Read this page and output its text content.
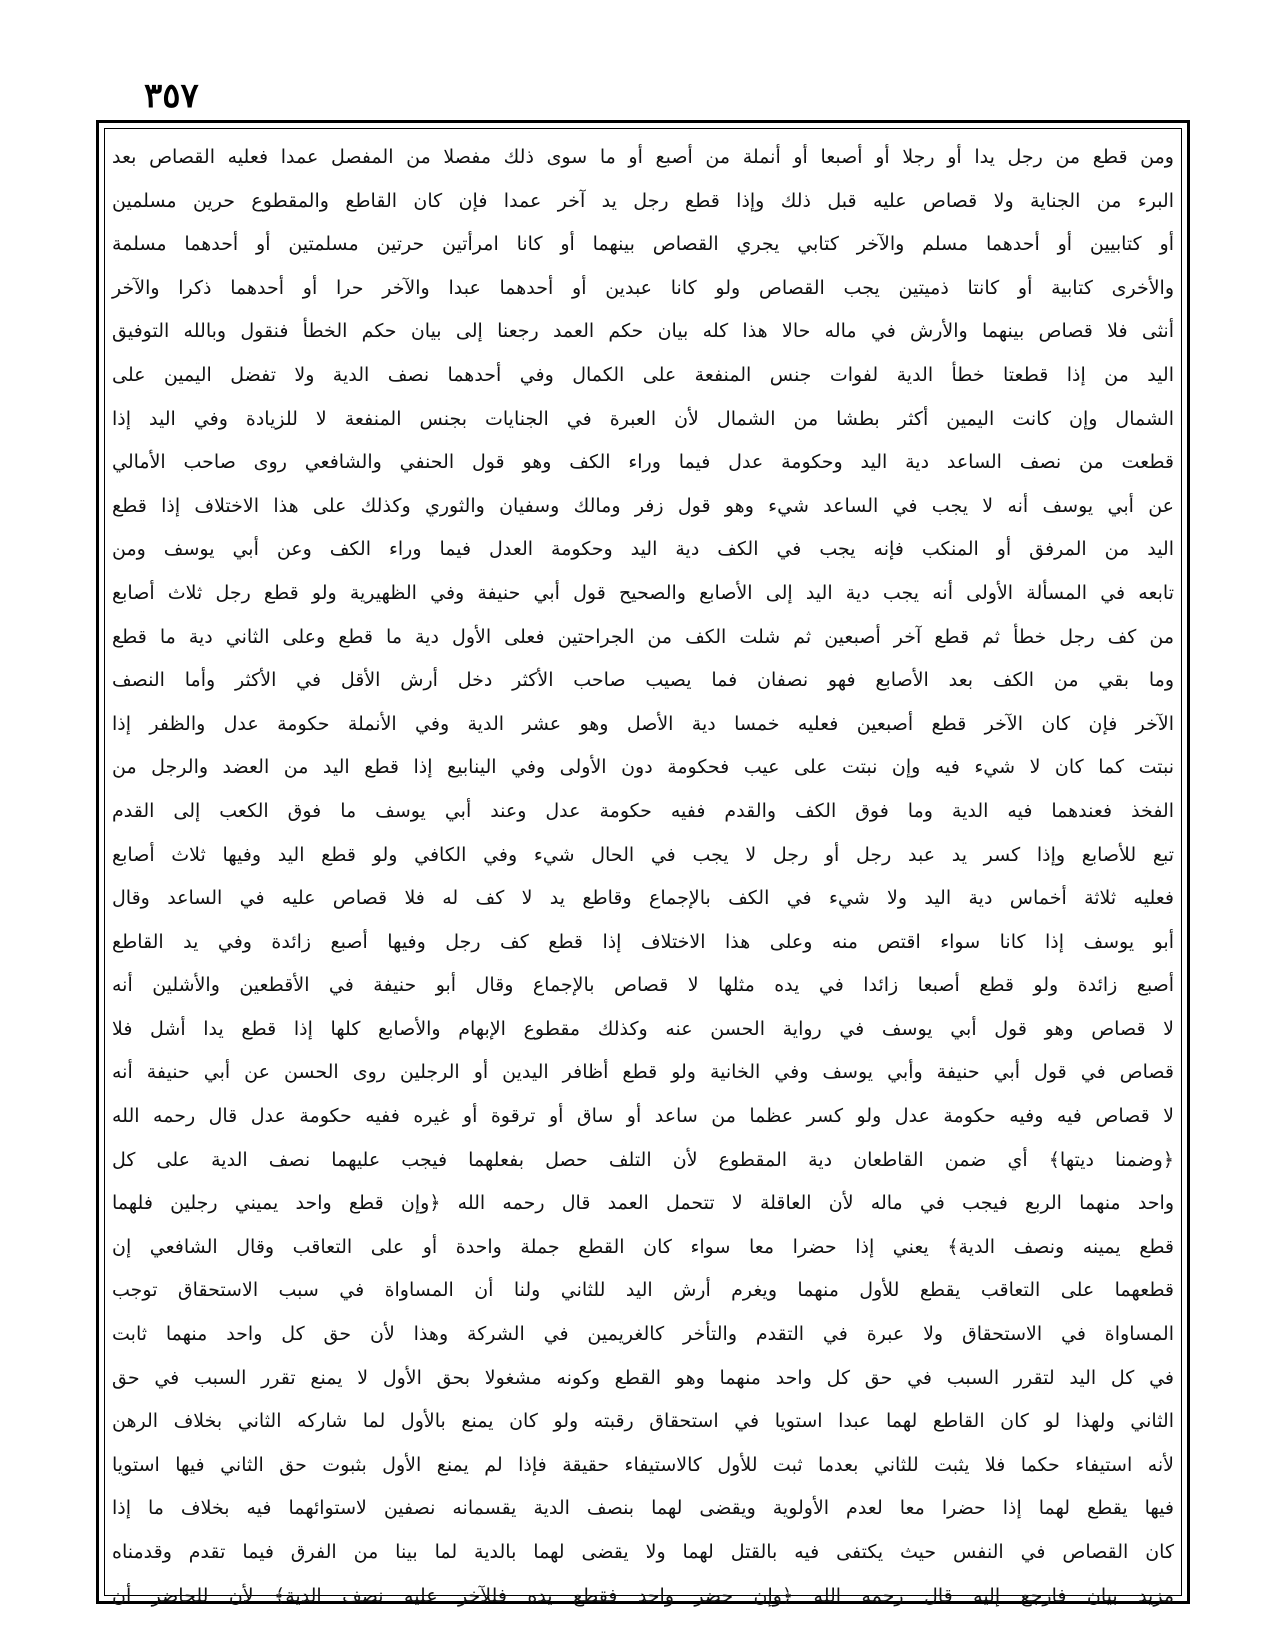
٣٥٧
ومن قطع من رجل يدا أو رجلا أو أصبعا أو أنملة من أصبع أو ما سوى ذلك مفصلا من المفصل عمدا فعليه القصاص بعد
البرء من الجناية ولا قصاص عليه قبل ذلك وإذا قطع رجل يد آخر عمدا فإن كان القاطع والمقطوع حرين مسلمين
أو كتابيين أو أحدهما مسلم والآخر كتابي يجري القصاص بينهما أو كانا امرأتين حرتين مسلمتين أو أحدهما مسلمة
والأخرى كتابية أو كانتا ذميتين يجب القصاص ولو كانا عبدين أو أحدهما عبدا والآخر حرا أو أحدهما ذكرا والآخر
أنثى فلا قصاص بينهما والأرش في ماله حالا هذا كله بيان حكم العمد رجعنا إلى بيان حكم الخطأ فنقول وبالله التوفيق
اليد من إذا قطعتا خطأ الدية لفوات جنس المنفعة على الكمال وفي أحدهما نصف الدية ولا تفضل اليمين على
الشمال وإن كانت اليمين أكثر بطشا من الشمال لأن العبرة في الجنايات بجنس المنفعة لا للزيادة وفي اليد إذا
قطعت من نصف الساعد دية اليد وحكومة عدل فيما وراء الكف وهو قول الحنفي والشافعي روى صاحب الأمالي
عن أبي يوسف أنه لا يجب في الساعد شيء وهو قول زفر ومالك وسفيان والثوري وكذلك على هذا الاختلاف إذا قطع
اليد من المرفق أو المنكب فإنه يجب في الكف دية اليد وحكومة العدل فيما وراء الكف وعن أبي يوسف ومن
تابعه في المسألة الأولى أنه يجب دية اليد إلى الأصابع والصحيح قول أبي حنيفة وفي الظهيرية ولو قطع رجل ثلاث أصابع
من كف رجل خطأ ثم قطع آخر أصبعين ثم شلت الكف من الجراحتين فعلى الأول دية ما قطع وعلى الثاني دية ما قطع
وما بقي من الكف بعد الأصابع فهو نصفان فما يصيب صاحب الأكثر دخل أرش الأقل في الأكثر وأما النصف
الآخر فإن كان الآخر قطع أصبعين فعليه خمسا دية الأصل وهو عشر الدية وفي الأنملة حكومة عدل والظفر إذا
نبتت كما كان لا شيء فيه وإن نبتت على عيب فحكومة دون الأولى وفي الينابيع إذا قطع اليد من العضد والرجل من
الفخذ فعندهما فيه الدية وما فوق الكف والقدم ففيه حكومة عدل وعند أبي يوسف ما فوق الكعب إلى القدم
تبع للأصابع وإذا كسر يد عبد رجل أو رجل لا يجب في الحال شيء وفي الكافي ولو قطع اليد وفيها ثلاث أصابع
فعليه ثلاثة أخماس دية اليد ولا شيء في الكف بالإجماع وقاطع يد لا كف له فلا قصاص عليه في الساعد وقال
أبو يوسف إذا كانا سواء اقتص منه وعلى هذا الاختلاف إذا قطع كف رجل وفيها أصبع زائدة وفي يد القاطع
أصبع زائدة ولو قطع أصبعا زائدا في يده مثلها لا قصاص بالإجماع وقال أبو حنيفة في الأقطعين والأشلين أنه
لا قصاص وهو قول أبي يوسف في رواية الحسن عنه وكذلك مقطوع الإبهام والأصابع كلها إذا قطع يدا أشل فلا
قصاص في قول أبي حنيفة وأبي يوسف وفي الخانية ولو قطع أظافر اليدين أو الرجلين روى الحسن عن أبي حنيفة أنه
لا قصاص فيه وفيه حكومة عدل ولو كسر عظما من ساعد أو ساق أو ترقوة أو غيره ففيه حكومة عدل قال رحمه الله
﴿وضمنا ديتها﴾ أي ضمن القاطعان دية المقطوع لأن التلف حصل بفعلهما فيجب عليهما نصف الدية على كل
واحد منهما الربع فيجب في ماله لأن العاقلة لا تتحمل العمد قال رحمه الله ﴿وإن قطع واحد يميني رجلين فلهما
قطع يمينه ونصف الدية﴾ يعني إذا حضرا معا سواء كان القطع جملة واحدة أو على التعاقب وقال الشافعي إن
قطعهما على التعاقب يقطع للأول منهما ويغرم أرش اليد للثاني ولنا أن المساواة في سبب الاستحقاق توجب
المساواة في الاستحقاق ولا عبرة في التقدم والتأخر كالغريمين في الشركة وهذا لأن حق كل واحد منهما ثابت
في كل اليد لتقرر السبب في حق كل واحد منهما وهو القطع وكونه مشغولا بحق الأول لا يمنع تقرر السبب في حق
الثاني ولهذا لو كان القاطع لهما عبدا استويا في استحقاق رقبته ولو كان يمنع بالأول لما شاركه الثاني بخلاف الرهن
لأنه استيفاء حكما فلا يثبت للثاني بعدما ثبت للأول كالاستيفاء حقيقة فإذا لم يمنع الأول بثبوت حق الثاني فيها استويا
فيها يقطع لهما إذا حضرا معا لعدم الأولوية ويقضى لهما بنصف الدية يقسمانه نصفين لاستوائهما فيه بخلاف ما إذا
كان القصاص في النفس حيث يكتفى فيه بالقتل لهما ولا يقضى لهما بالدية لما بينا من الفرق فيما تقدم وقدمناه
مزيد بيان فارجع إليه قال رحمه الله ﴿وإن حضر واحد فقطع يده فللآخر عليه نصف الدية﴾ لأن للحاضر أن
